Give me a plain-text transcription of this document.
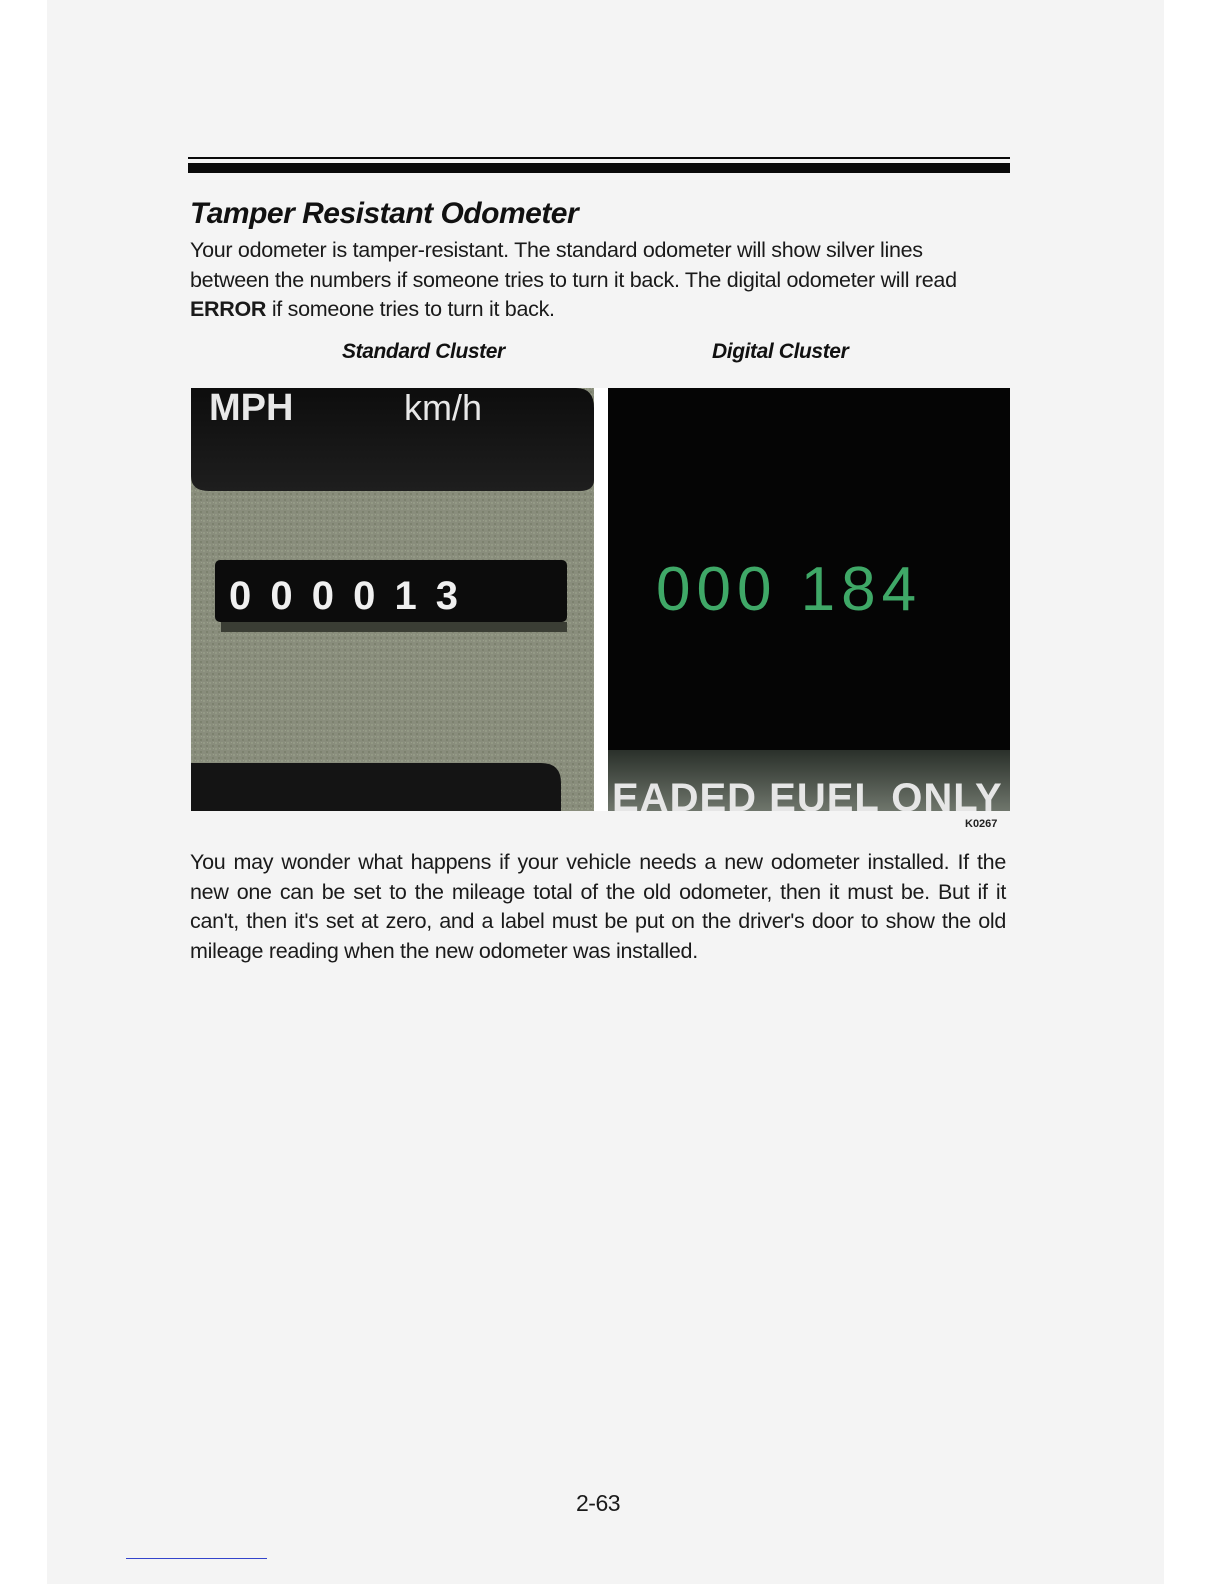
Tamper Resistant Odometer

Your odometer is tamper-resistant. The standard odometer will show silver lines between the numbers if someone tries to turn it back. The digital odometer will read ERROR if someone tries to turn it back.

Standard Cluster	Digital Cluster
MPH	km/h
0 0 0 0 1 3	000 184
EADED EUEL ONLY
K0267

You may wonder what happens if your vehicle needs a new odometer installed. If the new one can be set to the mileage total of the old odometer, then it must be. But if it can't, then it's set at zero, and a label must be put on the driver's door to show the old mileage reading when the new odometer was installed.

2-63
